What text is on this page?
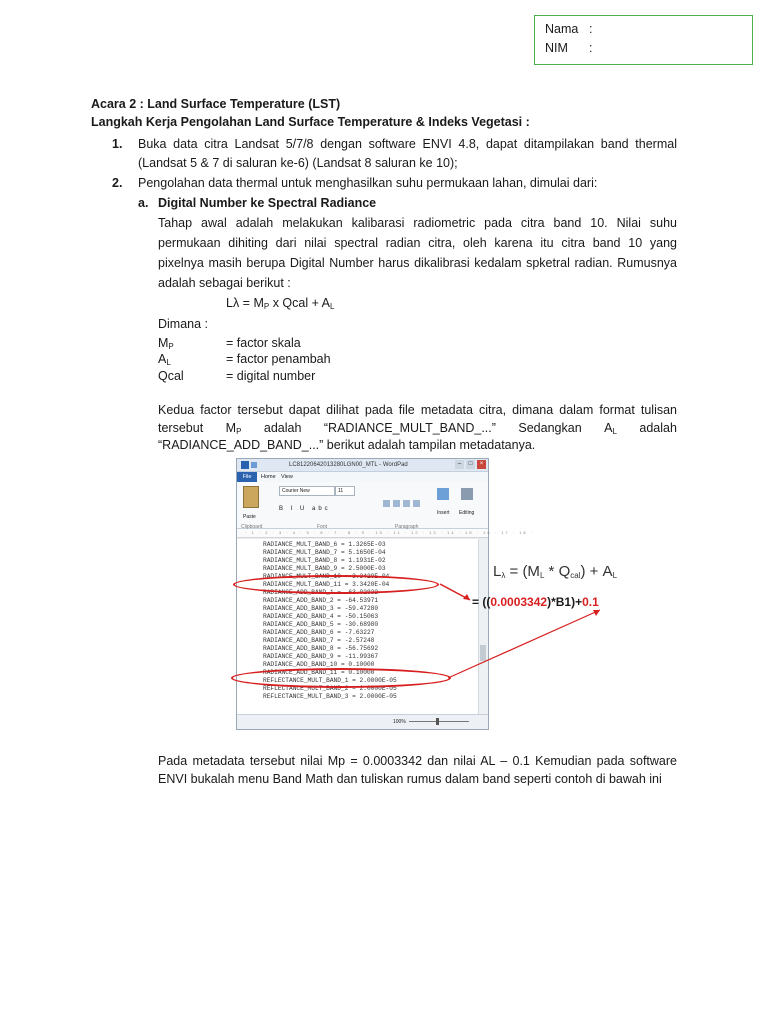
Nama :
NIM	:
Acara 2 : Land Surface Temperature (LST)
Langkah Kerja Pengolahan Land Surface Temperature & Indeks Vegetasi :
1. Buka data citra Landsat 5/7/8 dengan software ENVI 4.8, dapat ditampilakan band thermal
(Landsat 5 & 7 di saluran ke-6) (Landsat 8 saluran ke 10);
2. Pengolahan data thermal untuk menghasilkan suhu permukaan lahan, dimulai dari:
a. Digital Number ke Spectral Radiance
Tahap awal adalah melakukan kalibarasi radiometric pada citra band 10. Nilai suhu
permukaan dihiting dari nilai spectral radian citra, oleh karena itu citra band 10 yang
pixelnya masih berupa Digital Number harus dikalibrasi kedalam spketral radian. Rumusnya
adalah sebagai berikut :
$L\lambda = M_P$ x Qcal + $A_L$
Dimana :
$M_P$	= factor skala
$A_L$	= factor penambah
Qcal	= digital number
Kedua factor tersebut dapat dilihat pada file metadata citra, dimana dalam format tulisan
tersebut $M_P$ adalah “RADIANCE_MULT_BAND_...” Sedangkan $A_L$ adalah
“RADIANCE_ADD_BAND_...” berikut adalah tampilan metadatanya.
LC81220642013280LGN00_MTL - WordPad	–	□	×
File	Home View
Paste
Courier New	11
B I U abc
Insert Editing
Clipboard	Font	Paragraph
· 1 · 2 · 3 · 4 · 5 · 6 · 7 · 8 · 9 · 10 · 11 · 12 · 13 · 14 · 15 · 16 · 17 · 18 ·
RADIANCE_MULT_BAND_6 = 1.3265E-03
RADIANCE_MULT_BAND_7 = 5.1650E-04
RADIANCE_MULT_BAND_8 = 1.1931E-02
RADIANCE_MULT_BAND_9 = 2.5000E-03
RADIANCE_MULT_BAND_10 = 3.3420E-04
RADIANCE_MULT_BAND_11 = 3.3420E-04
RADIANCE_ADD_BAND_1 = -63.02832
RADIANCE_ADD_BAND_2 = -64.53971
RADIANCE_ADD_BAND_3 = -59.47280
RADIANCE_ADD_BAND_4 = -50.15063
RADIANCE_ADD_BAND_5 = -30.68980
RADIANCE_ADD_BAND_6 = -7.63227
RADIANCE_ADD_BAND_7 = -2.57248
RADIANCE_ADD_BAND_8 = -56.75692
RADIANCE_ADD_BAND_9 = -11.99367
RADIANCE_ADD_BAND_10 = 0.10000
RADIANCE_ADD_BAND_11 = 0.10000
REFLECTANCE_MULT_BAND_1 = 2.0000E-05
REFLECTANCE_MULT_BAND_2 = 2.0000E-05
REFLECTANCE_MULT_BAND_3 = 2.0000E-05
100%
$L_\lambda = (M_L * Q_{cal}) + A_L$
= ((0.0003342)*B1)+0.1
Pada metadata tersebut nilai Mp = 0.0003342 dan nilai AL – 0.1 Kemudian pada software
ENVI bukalah menu Band Math dan tuliskan rumus dalam band seperti contoh di bawah ini
